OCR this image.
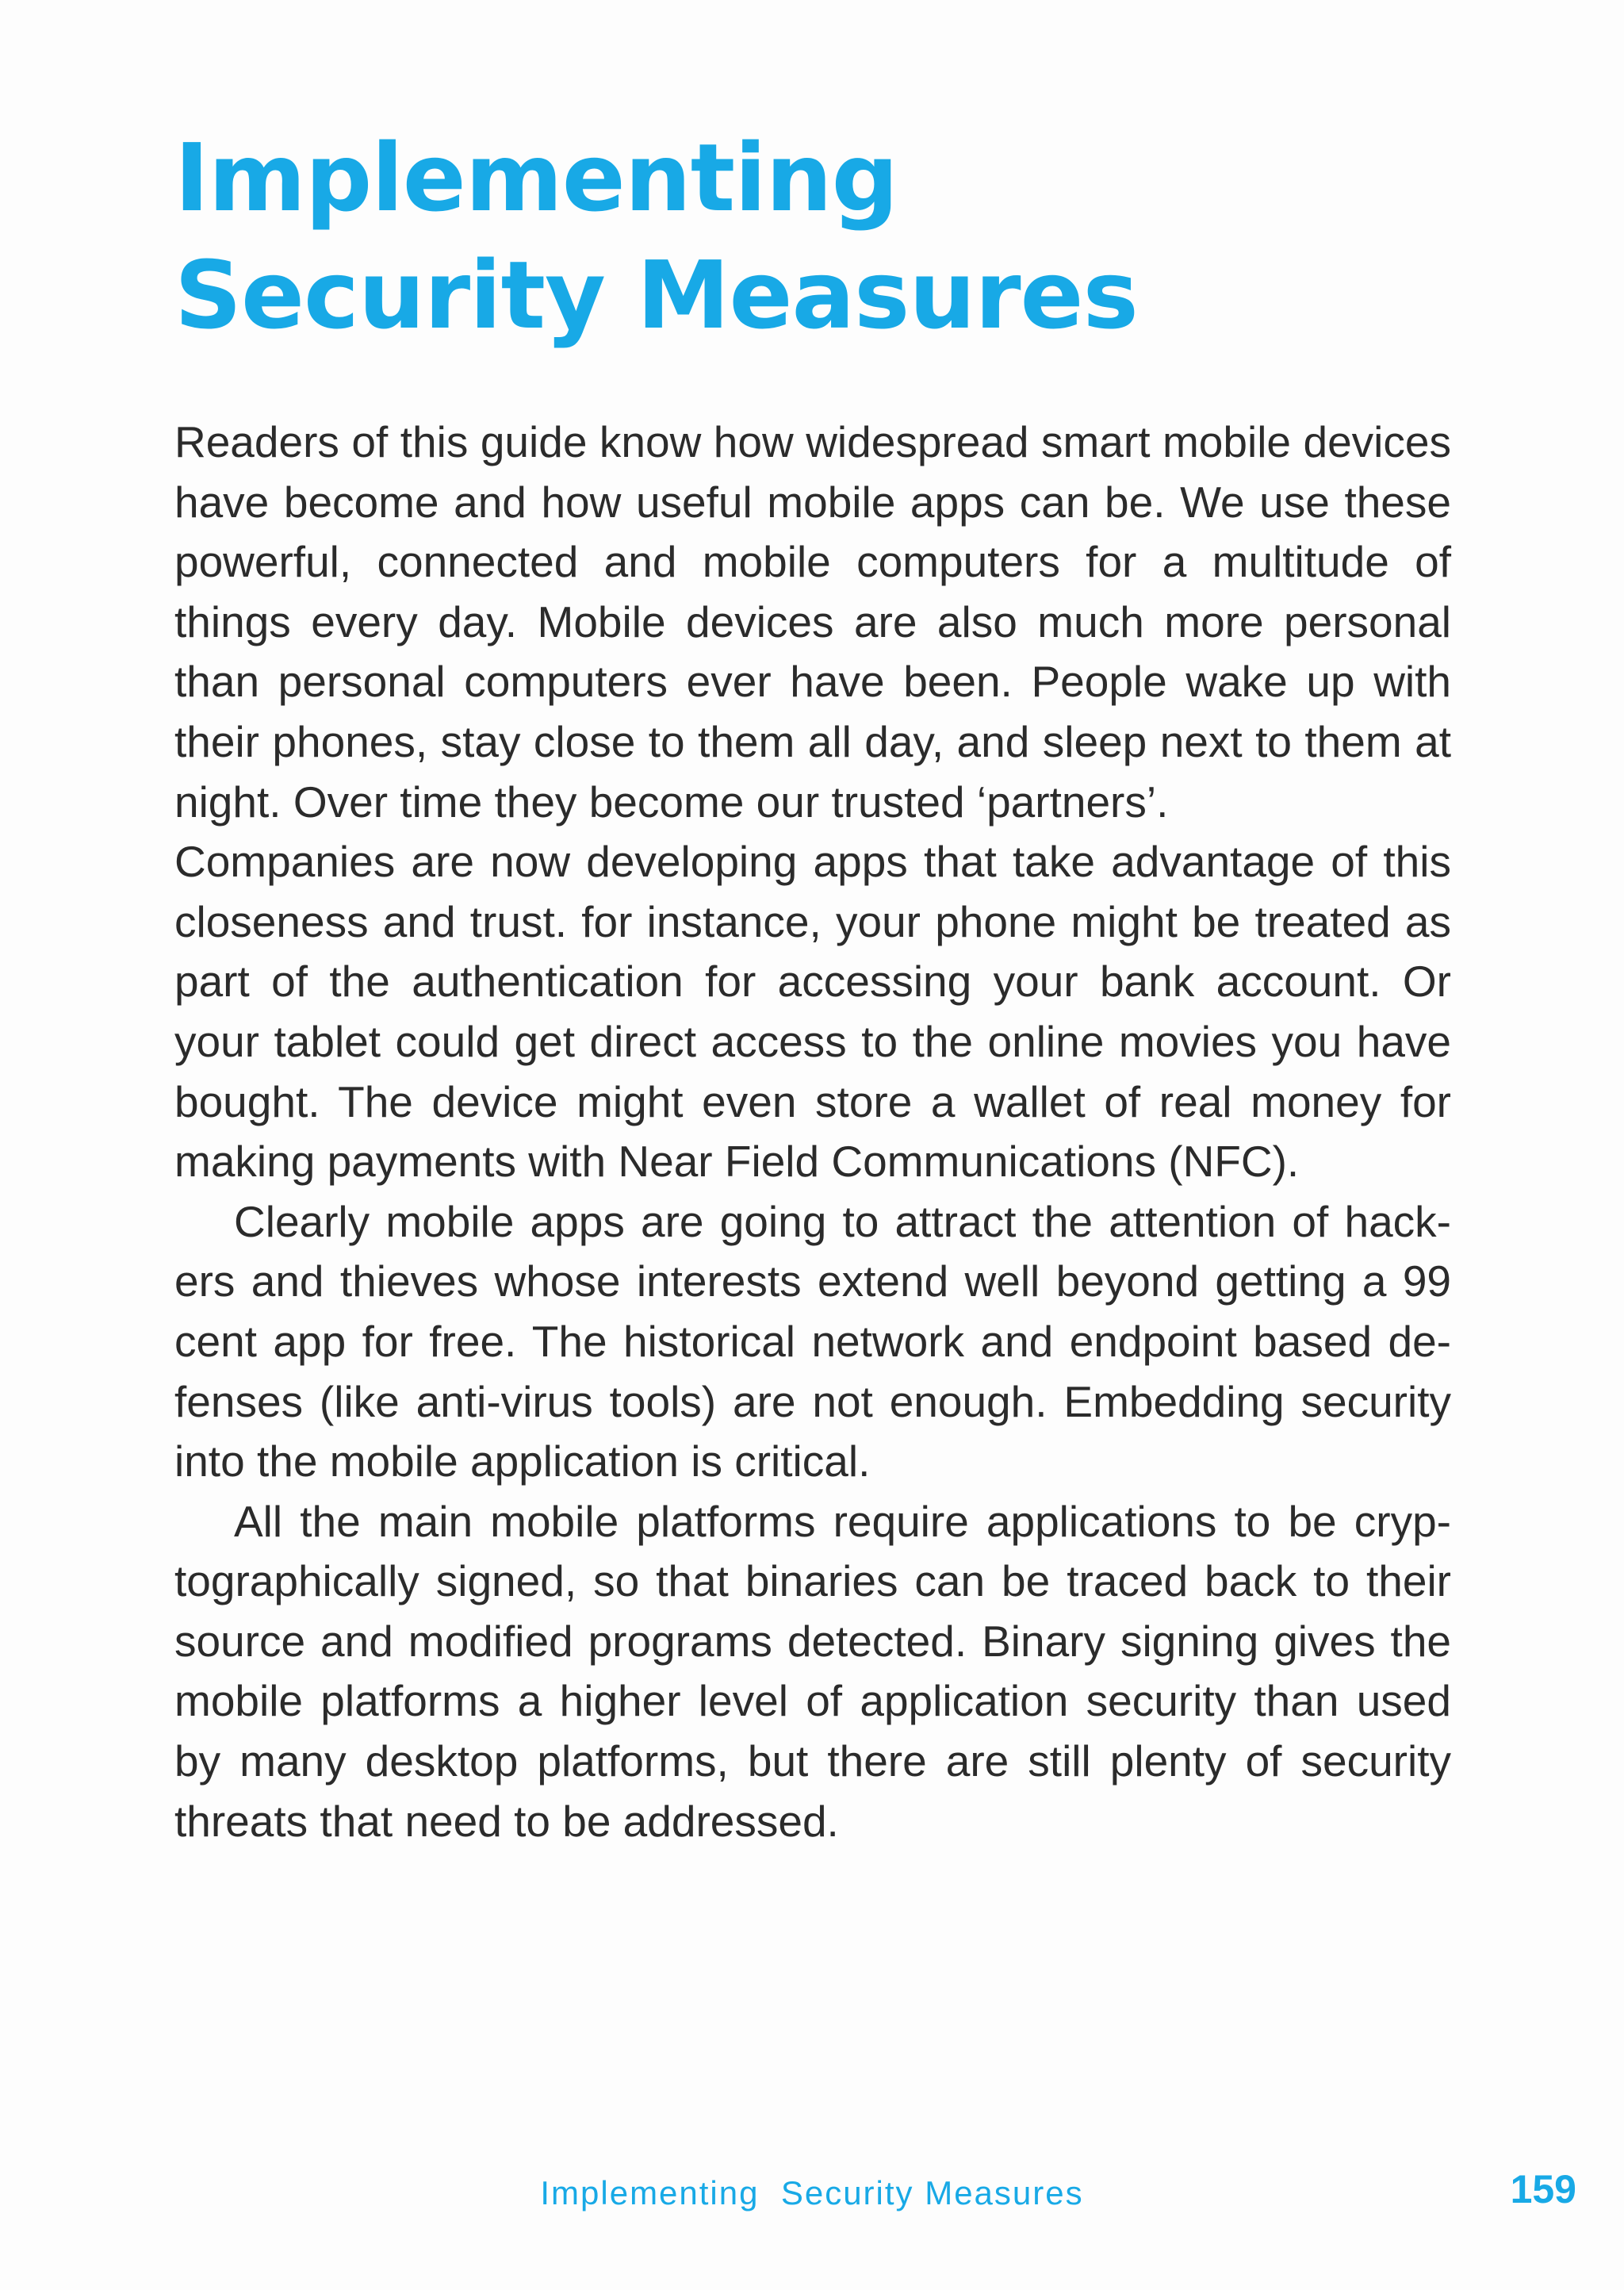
Implementing
Security Measures

Readers of this guide know how widespread smart mobile devices have become and how useful mobile apps can be. We use these powerful, connected and mobile computers for a multitude of things every day. Mobile devices are also much more personal than personal computers ever have been. People wake up with their phones, stay close to them all day, and sleep next to them at night. Over time they become our trusted ‘partners’.

Companies are now developing apps that take advantage of this closeness and trust. for instance, your phone might be treated as part of the authentication for accessing your bank account. Or your tablet could get direct access to the online movies you have bought. The device might even store a wallet of real money for making payments with Near Field Communications (NFC).

Clearly mobile apps are going to attract the attention of hackers and thieves whose interests extend well beyond getting a 99 cent app for free. The historical network and endpoint based defenses (like anti-virus tools) are not enough. Embedding security into the mobile application is critical.

All the main mobile platforms require applications to be cryptographically signed, so that binaries can be traced back to their source and modified programs detected. Binary signing gives the mobile platforms a higher level of application security than used by many desktop platforms, but there are still plenty of security threats that need to be addressed.

Implementing  Security Measures	159
